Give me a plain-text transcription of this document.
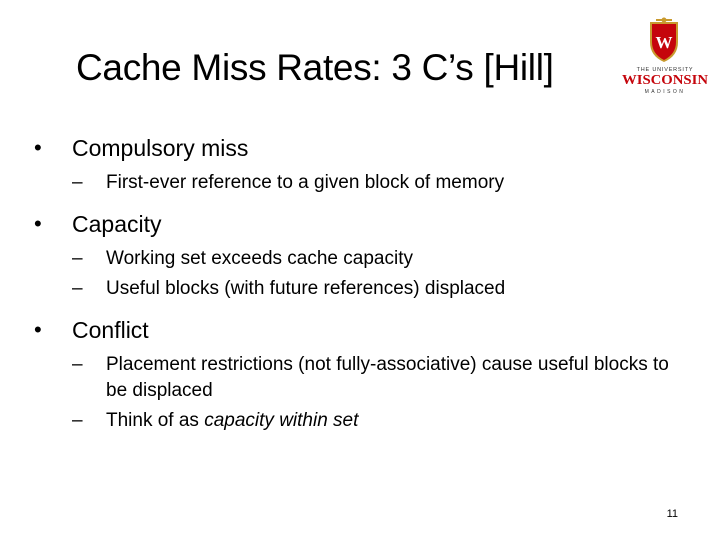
Cache Miss Rates: 3 C’s [Hill]
W
THE UNIVERSITY
WISCONSIN
MADISON
• Compulsory miss
– First-ever reference to a given block of memory
• Capacity
– Working set exceeds cache capacity
– Useful blocks (with future references) displaced
• Conflict
– Placement restrictions (not fully-associative) cause useful blocks to be displaced
– Think of as capacity within set
11
